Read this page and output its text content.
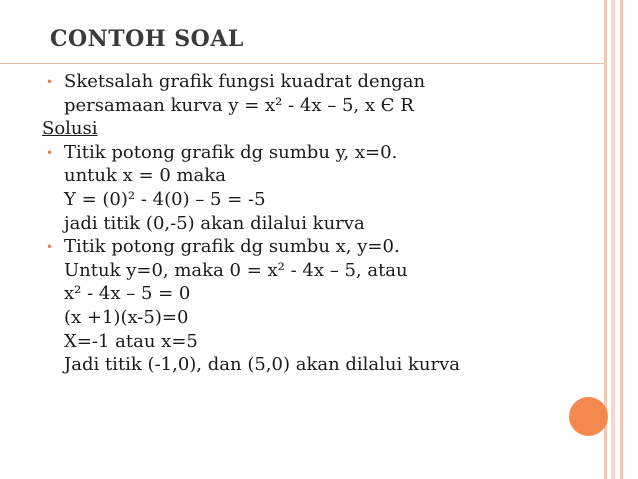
CONTOH SOAL
• Sketsalah grafik fungsi kuadrat dengan
persamaan kurva y = x² - 4x – 5, x Є R
Solusi
• Titik potong grafik dg sumbu y, x=0.
untuk x = 0 maka
Y = (0)² - 4(0) – 5 = -5
jadi titik (0,-5) akan dilalui kurva
• Titik potong grafik dg sumbu x, y=0.
Untuk y=0, maka 0 = x² - 4x – 5, atau
x² - 4x – 5 = 0
(x +1)(x-5)=0
X=-1 atau x=5
Jadi titik (-1,0), dan (5,0) akan dilalui kurva
